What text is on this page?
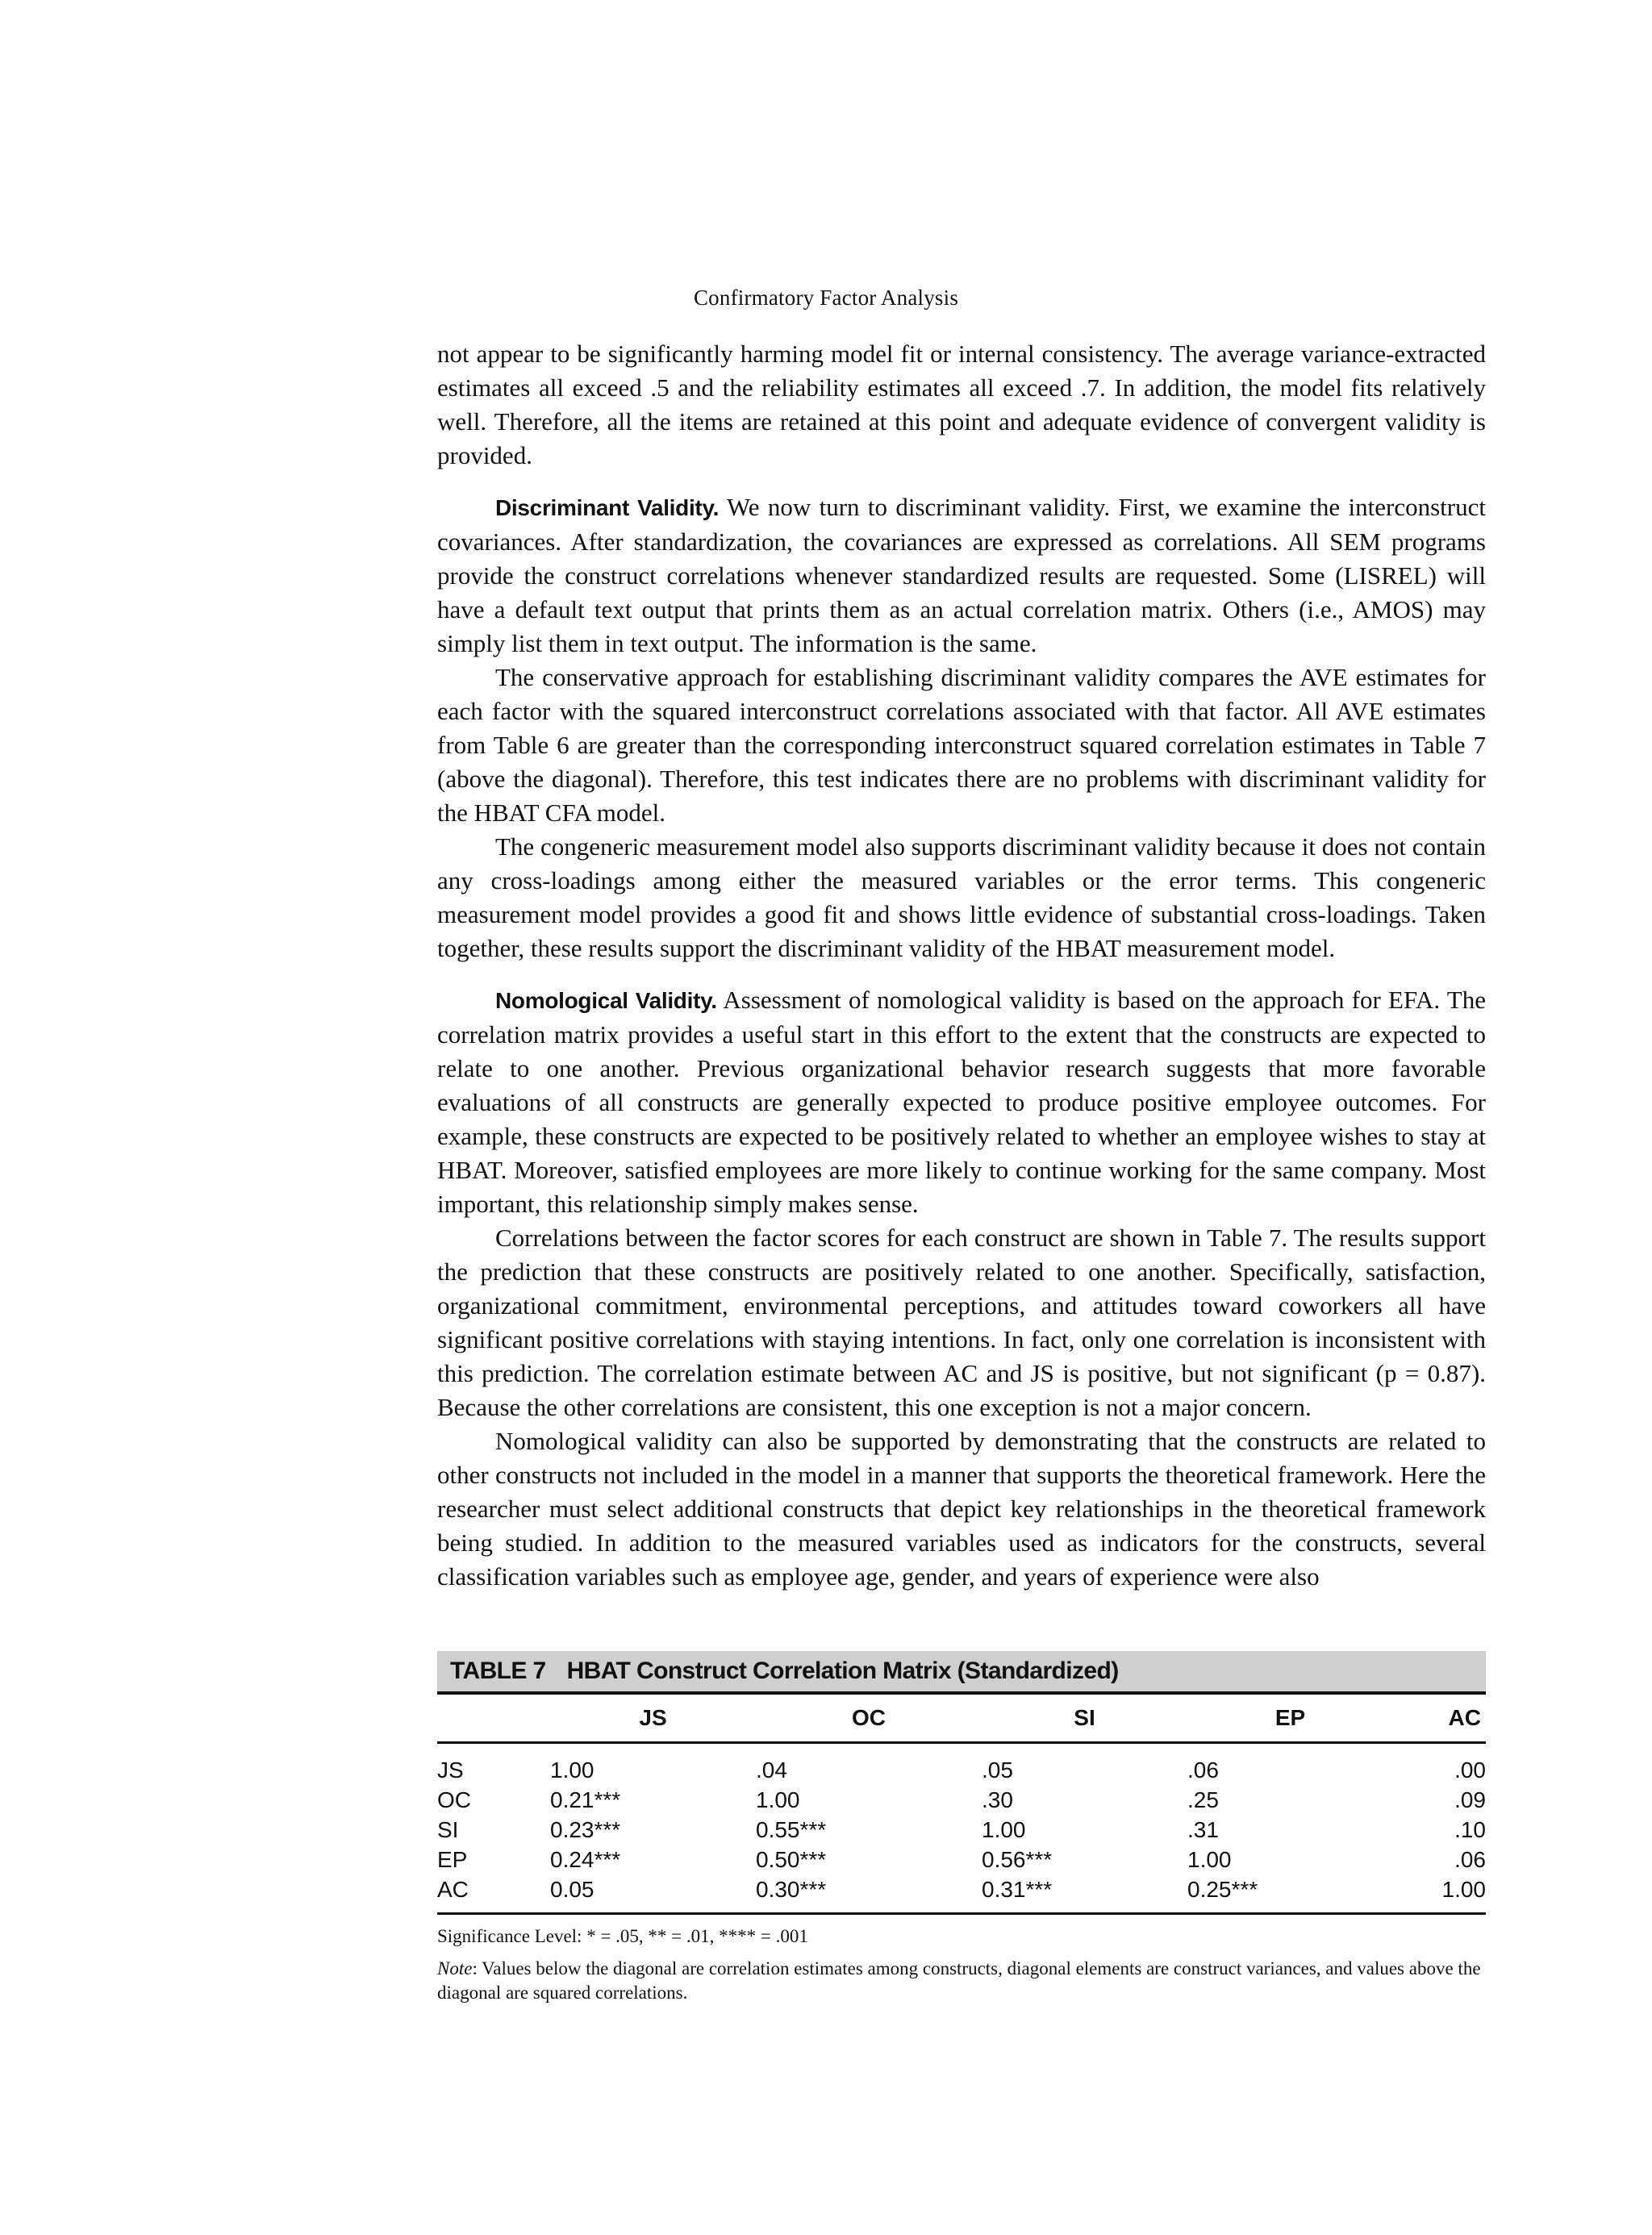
Confirmatory Factor Analysis

not appear to be significantly harming model fit or internal consistency. The average variance-extracted estimates all exceed .5 and the reliability estimates all exceed .7. In addition, the model fits relatively well. Therefore, all the items are retained at this point and adequate evidence of convergent validity is provided.

Discriminant Validity. We now turn to discriminant validity. First, we examine the interconstruct covariances. After standardization, the covariances are expressed as correlations. All SEM programs provide the construct correlations whenever standardized results are requested. Some (LISREL) will have a default text output that prints them as an actual correlation matrix. Others (i.e., AMOS) may simply list them in text output. The information is the same.

The conservative approach for establishing discriminant validity compares the AVE estimates for each factor with the squared interconstruct correlations associated with that factor. All AVE estimates from Table 6 are greater than the corresponding interconstruct squared correlation estimates in Table 7 (above the diagonal). Therefore, this test indicates there are no problems with discriminant validity for the HBAT CFA model.

The congeneric measurement model also supports discriminant validity because it does not contain any cross-loadings among either the measured variables or the error terms. This congeneric measurement model provides a good fit and shows little evidence of substantial cross-loadings. Taken together, these results support the discriminant validity of the HBAT measurement model.

Nomological Validity. Assessment of nomological validity is based on the approach for EFA. The correlation matrix provides a useful start in this effort to the extent that the constructs are expected to relate to one another. Previous organizational behavior research suggests that more favorable evaluations of all constructs are generally expected to produce positive employee outcomes. For example, these constructs are expected to be positively related to whether an employee wishes to stay at HBAT. Moreover, satisfied employees are more likely to continue working for the same company. Most important, this relationship simply makes sense.

Correlations between the factor scores for each construct are shown in Table 7. The results support the prediction that these constructs are positively related to one another. Specifically, satisfaction, organizational commitment, environmental perceptions, and attitudes toward coworkers all have significant positive correlations with staying intentions. In fact, only one correlation is inconsistent with this prediction. The correlation estimate between AC and JS is positive, but not significant (p = 0.87). Because the other correlations are consistent, this one exception is not a major concern.

Nomological validity can also be supported by demonstrating that the constructs are related to other constructs not included in the model in a manner that supports the theoretical framework. Here the researcher must select additional constructs that depict key relationships in the theoretical framework being studied. In addition to the measured variables used as indicators for the constructs, several classification variables such as employee age, gender, and years of experience were also

TABLE 7 HBAT Construct Correlation Matrix (Standardized)
	JS	OC	SI	EP	AC
JS	1.00	.04	.05	.06	.00
OC	0.21***	1.00	.30	.25	.09
SI	0.23***	0.55***	1.00	.31	.10
EP	0.24***	0.50***	0.56***	1.00	.06
AC	0.05	0.30***	0.31***	0.25***	1.00
Significance Level: * = .05, ** = .01, **** = .001
Note: Values below the diagonal are correlation estimates among constructs, diagonal elements are construct variances, and values above the diagonal are squared correlations.
